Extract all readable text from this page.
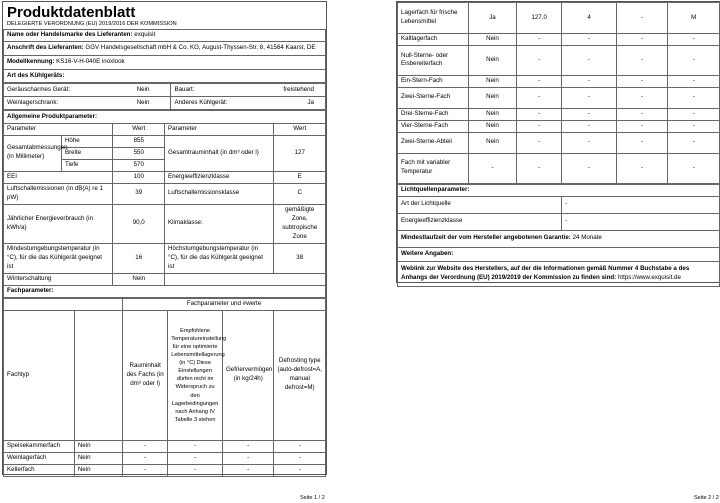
Produktdatenblatt
DELEGIERTE VERORDNUNG (EU) 2019/2016 DER KOMMISSION
Name oder Handelsmarke des Lieferanten: exquisit
Anschrift des Lieferanten: GGV Handelsgesellschaft mbH & Co. KG, August-Thyssen-Str. 8, 41564 Kaarst, DE
Modellkennung: KS16-V-H-040E inoxlook
Art des Kühlgeräts:
Geräuscharmes Gerät: Nein	Bauart: freistehend

Weinlagerschrank: Nein	Anderes Kühlgerät: Ja
Allgemeine Produktparameter:				
Parameter		Wert	Parameter	Wert
Gesamtabmessungen (in Millimeter)	Höhe	855	Gesamtrauminhalt (in dm³ oder l)	127
	Breite	550		
	Tiefe	570		
EEI		100	Energieeffizienzklasse	E
Luftschallemissionen (in dB(A) re 1 pW)		39	Luftschallemissionsklasse	C
Jährlicher Energieverbrauch (in kWh/a)		90,0	Klimaklasse:	gemäßigte Zone, subtropische Zone
Mindestumgebungstemperatur (in °C), für die das Kühlgerät geeignet ist		16	Höchstumgebungstemperatur (in °C), für die das Kühlgerät geeignet ist	38
Winterschaltung		Nein		
Fachparameter:				
		Fachparameter und #werte			
Fachtyp		Rauminhalt des Fachs (in dm³ oder l)	Empfohlene Temperatureinstellung für eine optimierte Lebensmittellagerung (in °C) Diese Einstellungen dürfen nicht im Widerspruch zu den Lagerbedingungen nach Anhang IV Tabelle 3 stehen	Gefriervermögen (in kg/24h)	Defrosting type (auto-defrost=A, manual defrost=M)
Speisekammerfach	Nein	-	-	-	-
Weinlagerfach	Nein	-	-	-	-
Kellerfach	Nein	-	-	-	-
Seite 1 / 2
Lagerfach für frische Lebensmittel	Ja	127,0	4	-	M
Kaltlagerfach	Nein	-	-	-	-
Null-Sterne- oder Eisbereiterfach	Nein	-	-	-	-
Ein-Stern-Fach	Nein	-	-	-	-
Zwei-Sterne-Fach	Nein	-	-	-	-
Drei-Sterne-Fach	Nein	-	-	-	-
Vier-Sterne-Fach	Nein	-	-	-	-
Zwei-Sterne-Abteil	Nein	-	-	-	-
Fach mit variabler Temperatur	-	-	-	-	-
Lichtquellenparameter:	
Art der Lichtquelle	-
Energieeffizienzklasse	-
Mindestlaufzeit der vom Hersteller angebotenen Garantie: 24 Monate	
Weitere Angaben:	
Weblink zur Website des Herstellers, auf der die Informationen gemäß Nummer 4 Buchstabe a des Anhangs der Verordnung (EU) 2019/2019 der Kommission zu finden sind: https://www.exquisit.de	
Seite 2 / 2
